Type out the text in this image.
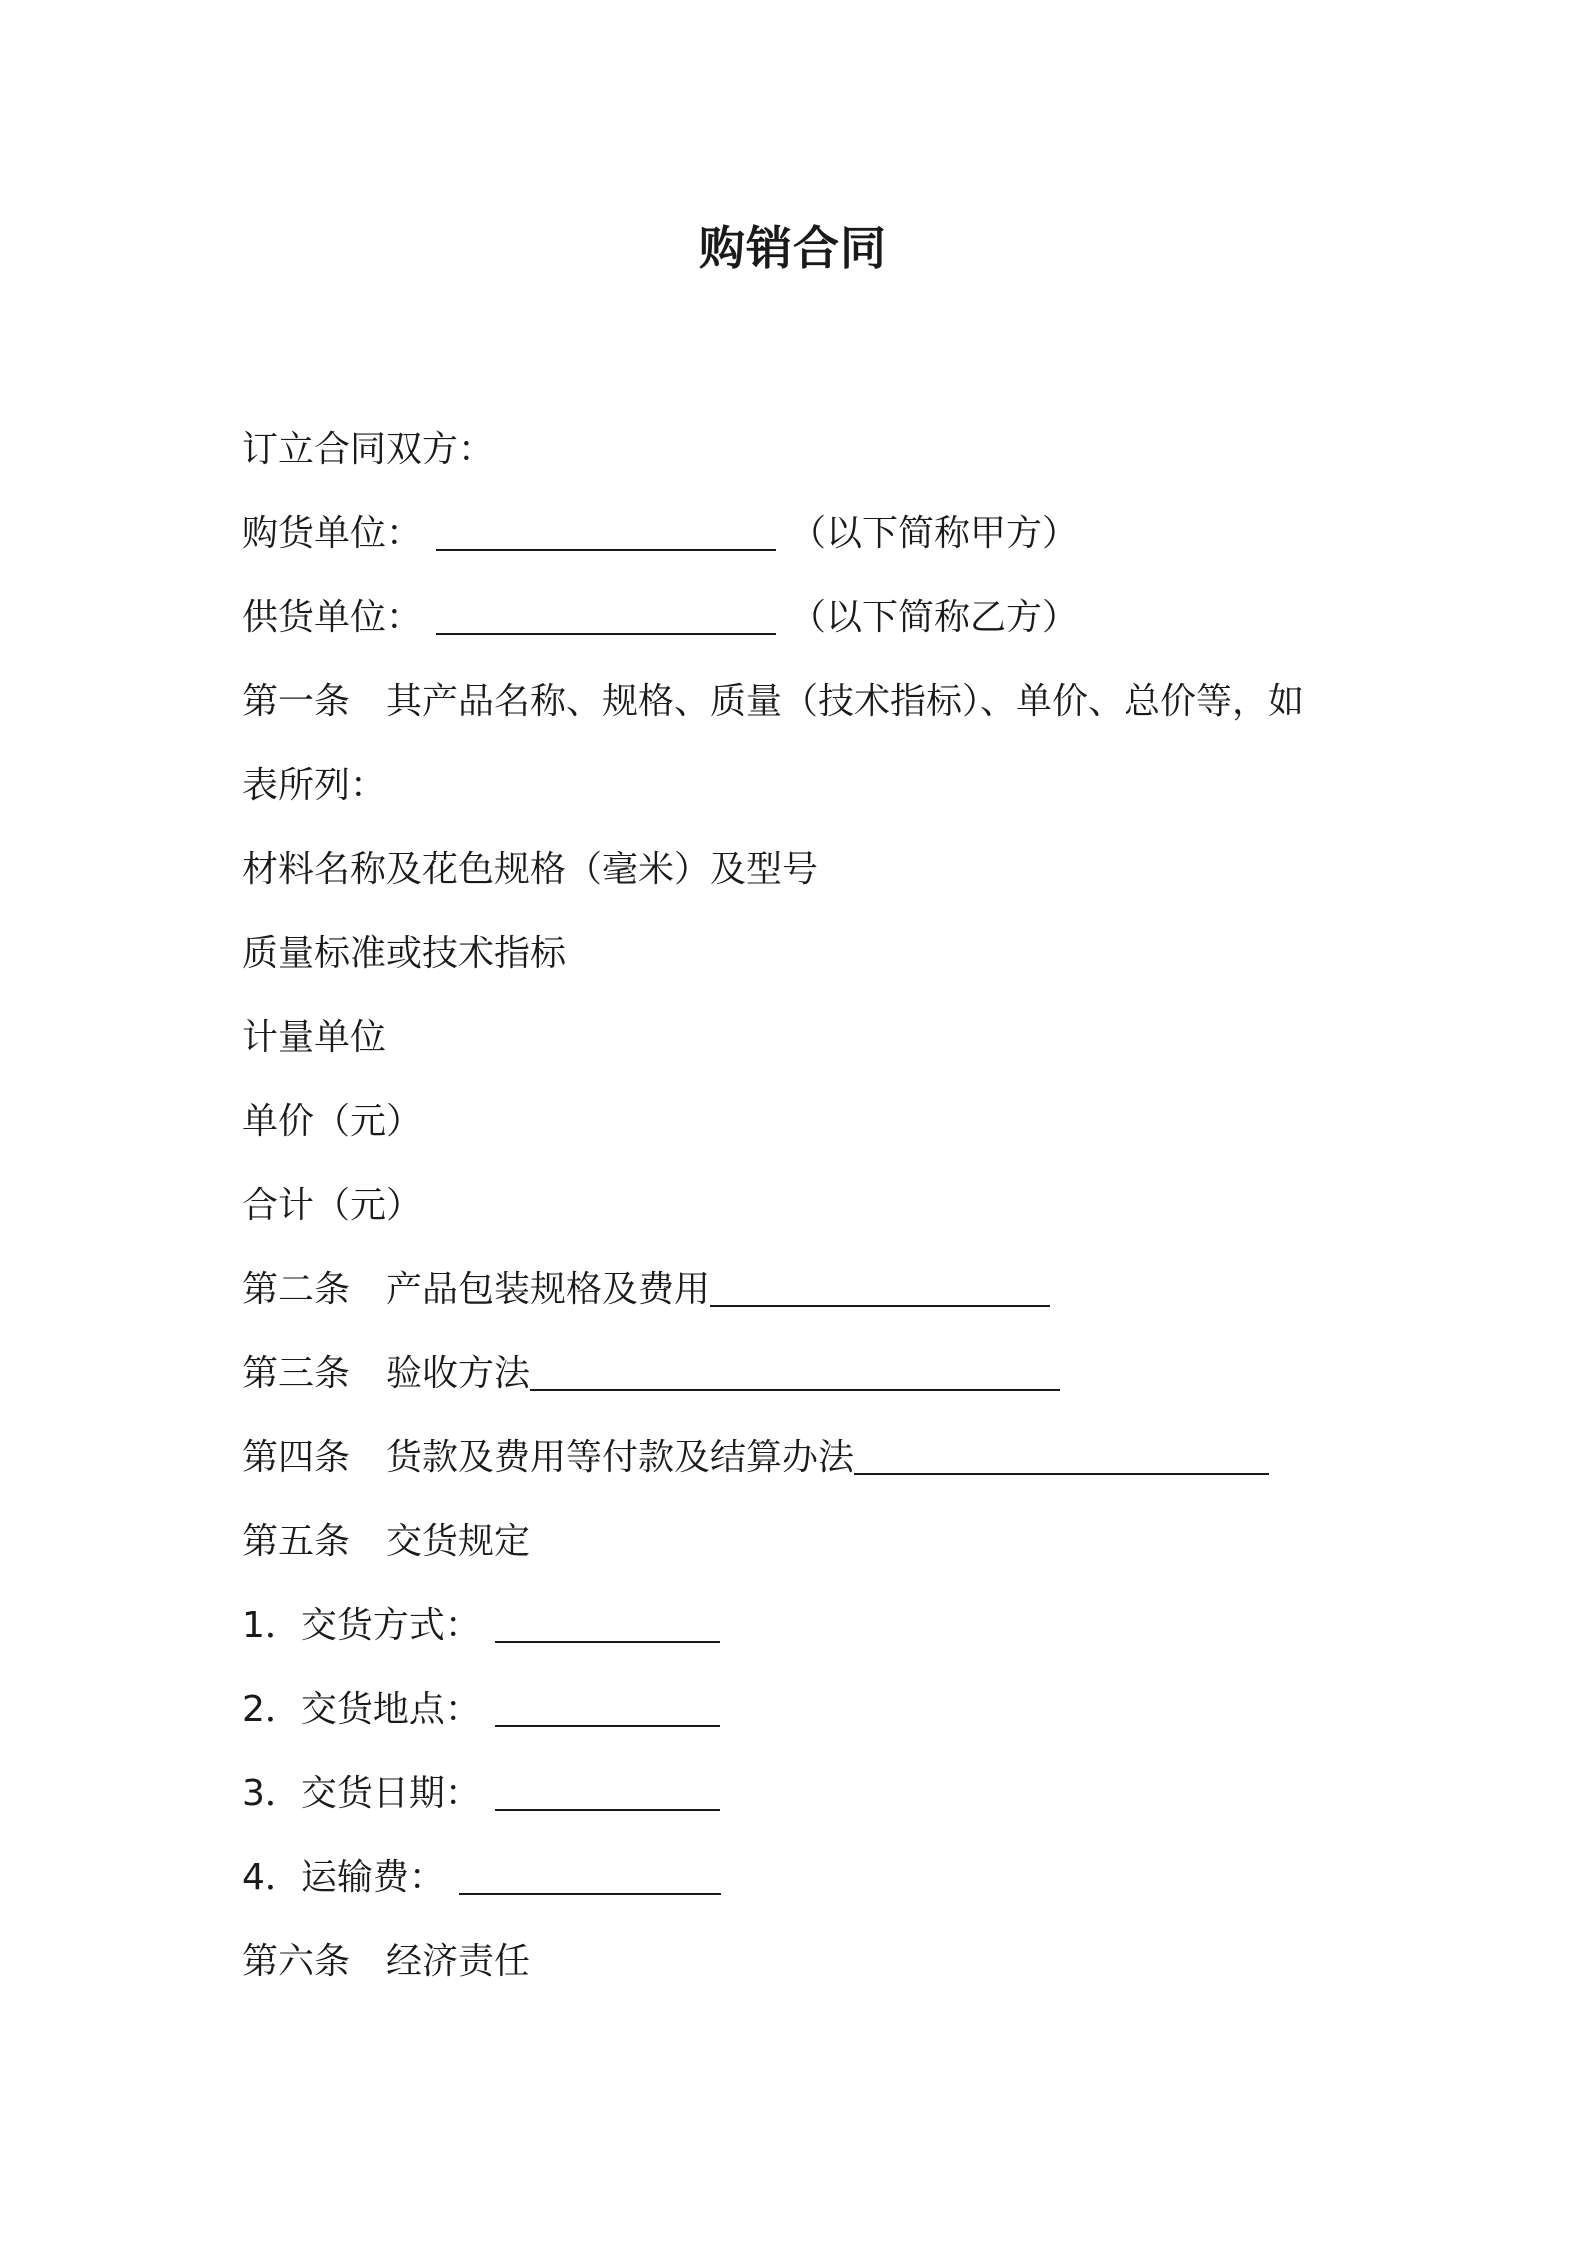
购销合同
订立合同双方：
购货单位：	（以下简称甲方）
供货单位：	（以下简称乙方）
第一条 其产品名称、规格、质量（技术指标）、单价、总价等，如
表所列：
材料名称及花色规格（毫米）及型号
质量标准或技术指标
计量单位
单价（元）
合计（元）
第二条 产品包装规格及费用
第三条 验收方法
第四条 货款及费用等付款及结算办法
第五条 交货规定
1．交货方式：
2．交货地点：
3．交货日期：
4．运输费：
第六条 经济责任
